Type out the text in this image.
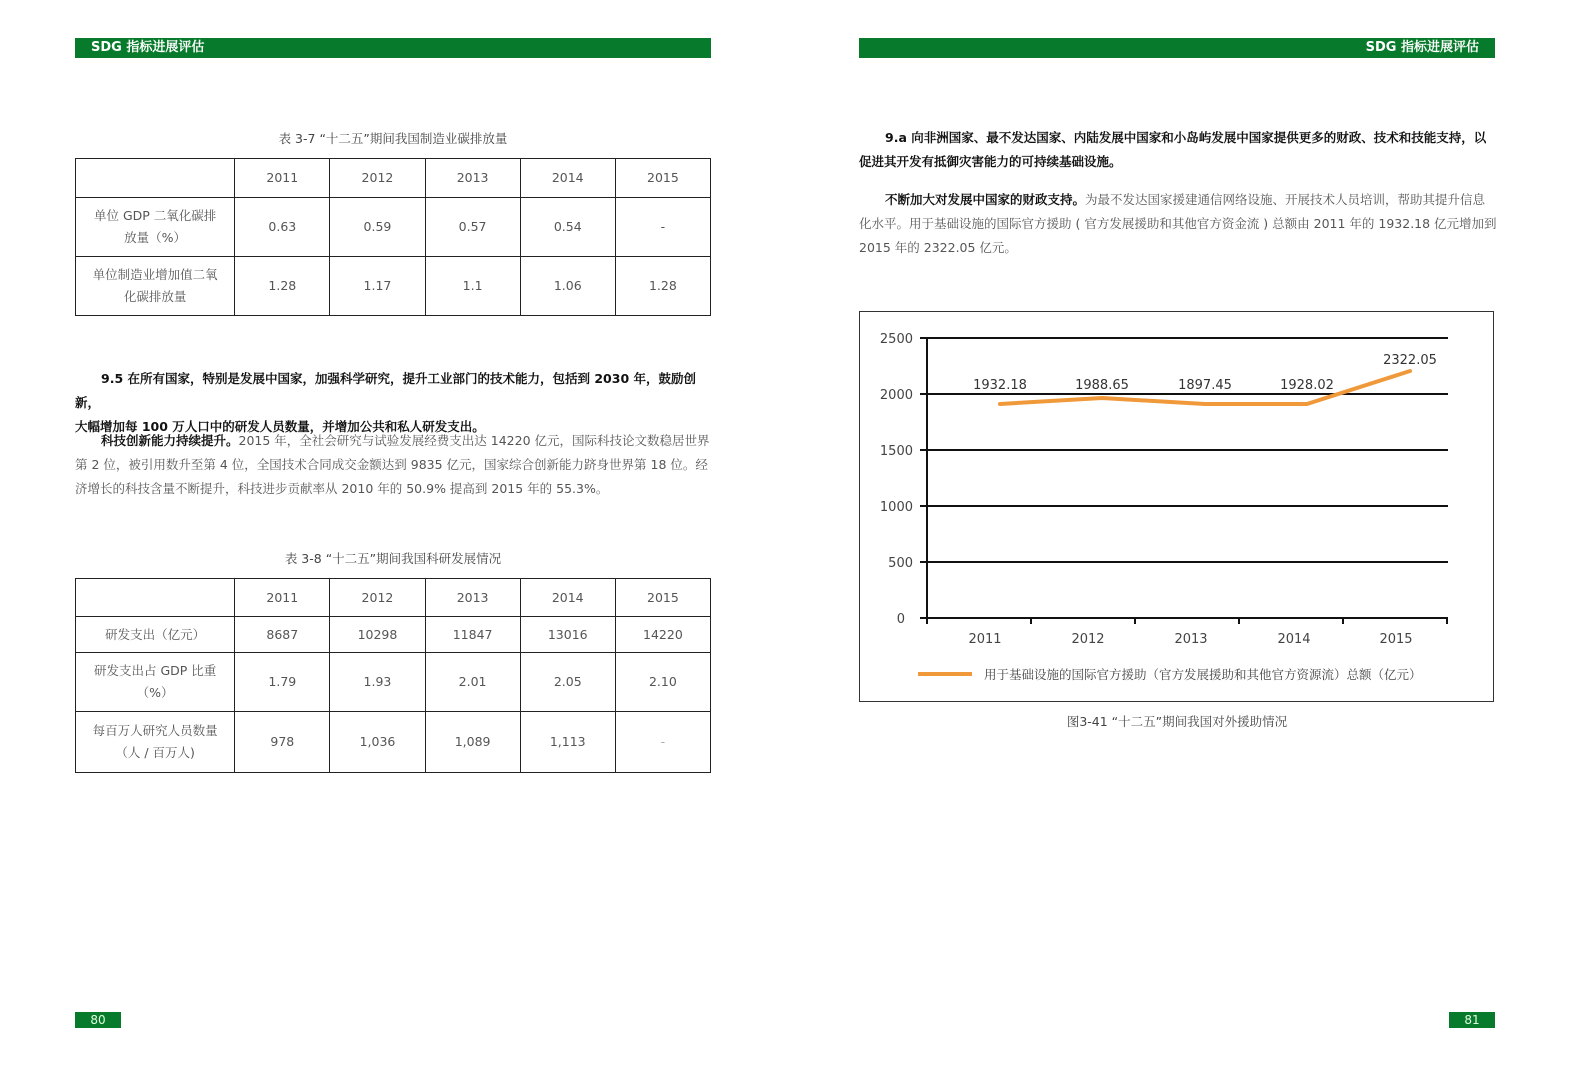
SDG 指标进展评估	SDG 指标进展评估
表 3-7 “十二五”期间我国制造业碳排放量
	2011	2012	2013	2014	2015
单位 GDP 二氧化碳排
放量（%）	0.63	0.59	0.57	0.54	-
单位制造业增加值二氧
化碳排放量	1.28	1.17	1.1	1.06	1.28
9.5 在所有国家，特别是发展中国家，加强科学研究，提升工业部门的技术能力，包括到 2030 年，鼓励创新，
大幅增加每 100 万人口中的研发人员数量，并增加公共和私人研发支出。
科技创新能力持续提升。2015 年，全社会研究与试验发展经费支出达 14220 亿元，国际科技论文数稳居世界
第 2 位，被引用数升至第 4 位，全国技术合同成交金额达到 9835 亿元，国家综合创新能力跻身世界第 18 位。经
济增长的科技含量不断提升，科技进步贡献率从 2010 年的 50.9% 提高到 2015 年的 55.3%。
表 3-8 “十二五”期间我国科研发展情况
	2011	2012	2013	2014	2015
研发支出（亿元）	8687	10298	11847	13016	14220
研发支出占 GDP 比重
（%）	1.79	1.93	2.01	2.05	2.10
每百万人研究人员数量
（人 / 百万人)	978	1,036	1,089	1,113	-
80
9.a 向非洲国家、最不发达国家、内陆发展中国家和小岛屿发展中国家提供更多的财政、技术和技能支持，以
促进其开发有抵御灾害能力的可持续基础设施。
不断加大对发展中国家的财政支持。为最不发达国家援建通信网络设施、开展技术人员培训，帮助其提升信息
化水平。用于基础设施的国际官方援助 ( 官方发展援助和其他官方资金流 ) 总额由 2011 年的 1932.18 亿元增加到
2015 年的 2322.05 亿元。
2500
2000
1500
1000
500
0
2011	2012	2013	2014	2015
1932.18	1988.65	1897.45	1928.02
2322.05
用于基础设施的国际官方援助（官方发展援助和其他官方资源流）总额（亿元）
图3-41 “十二五”期间我国对外援助情况
81
